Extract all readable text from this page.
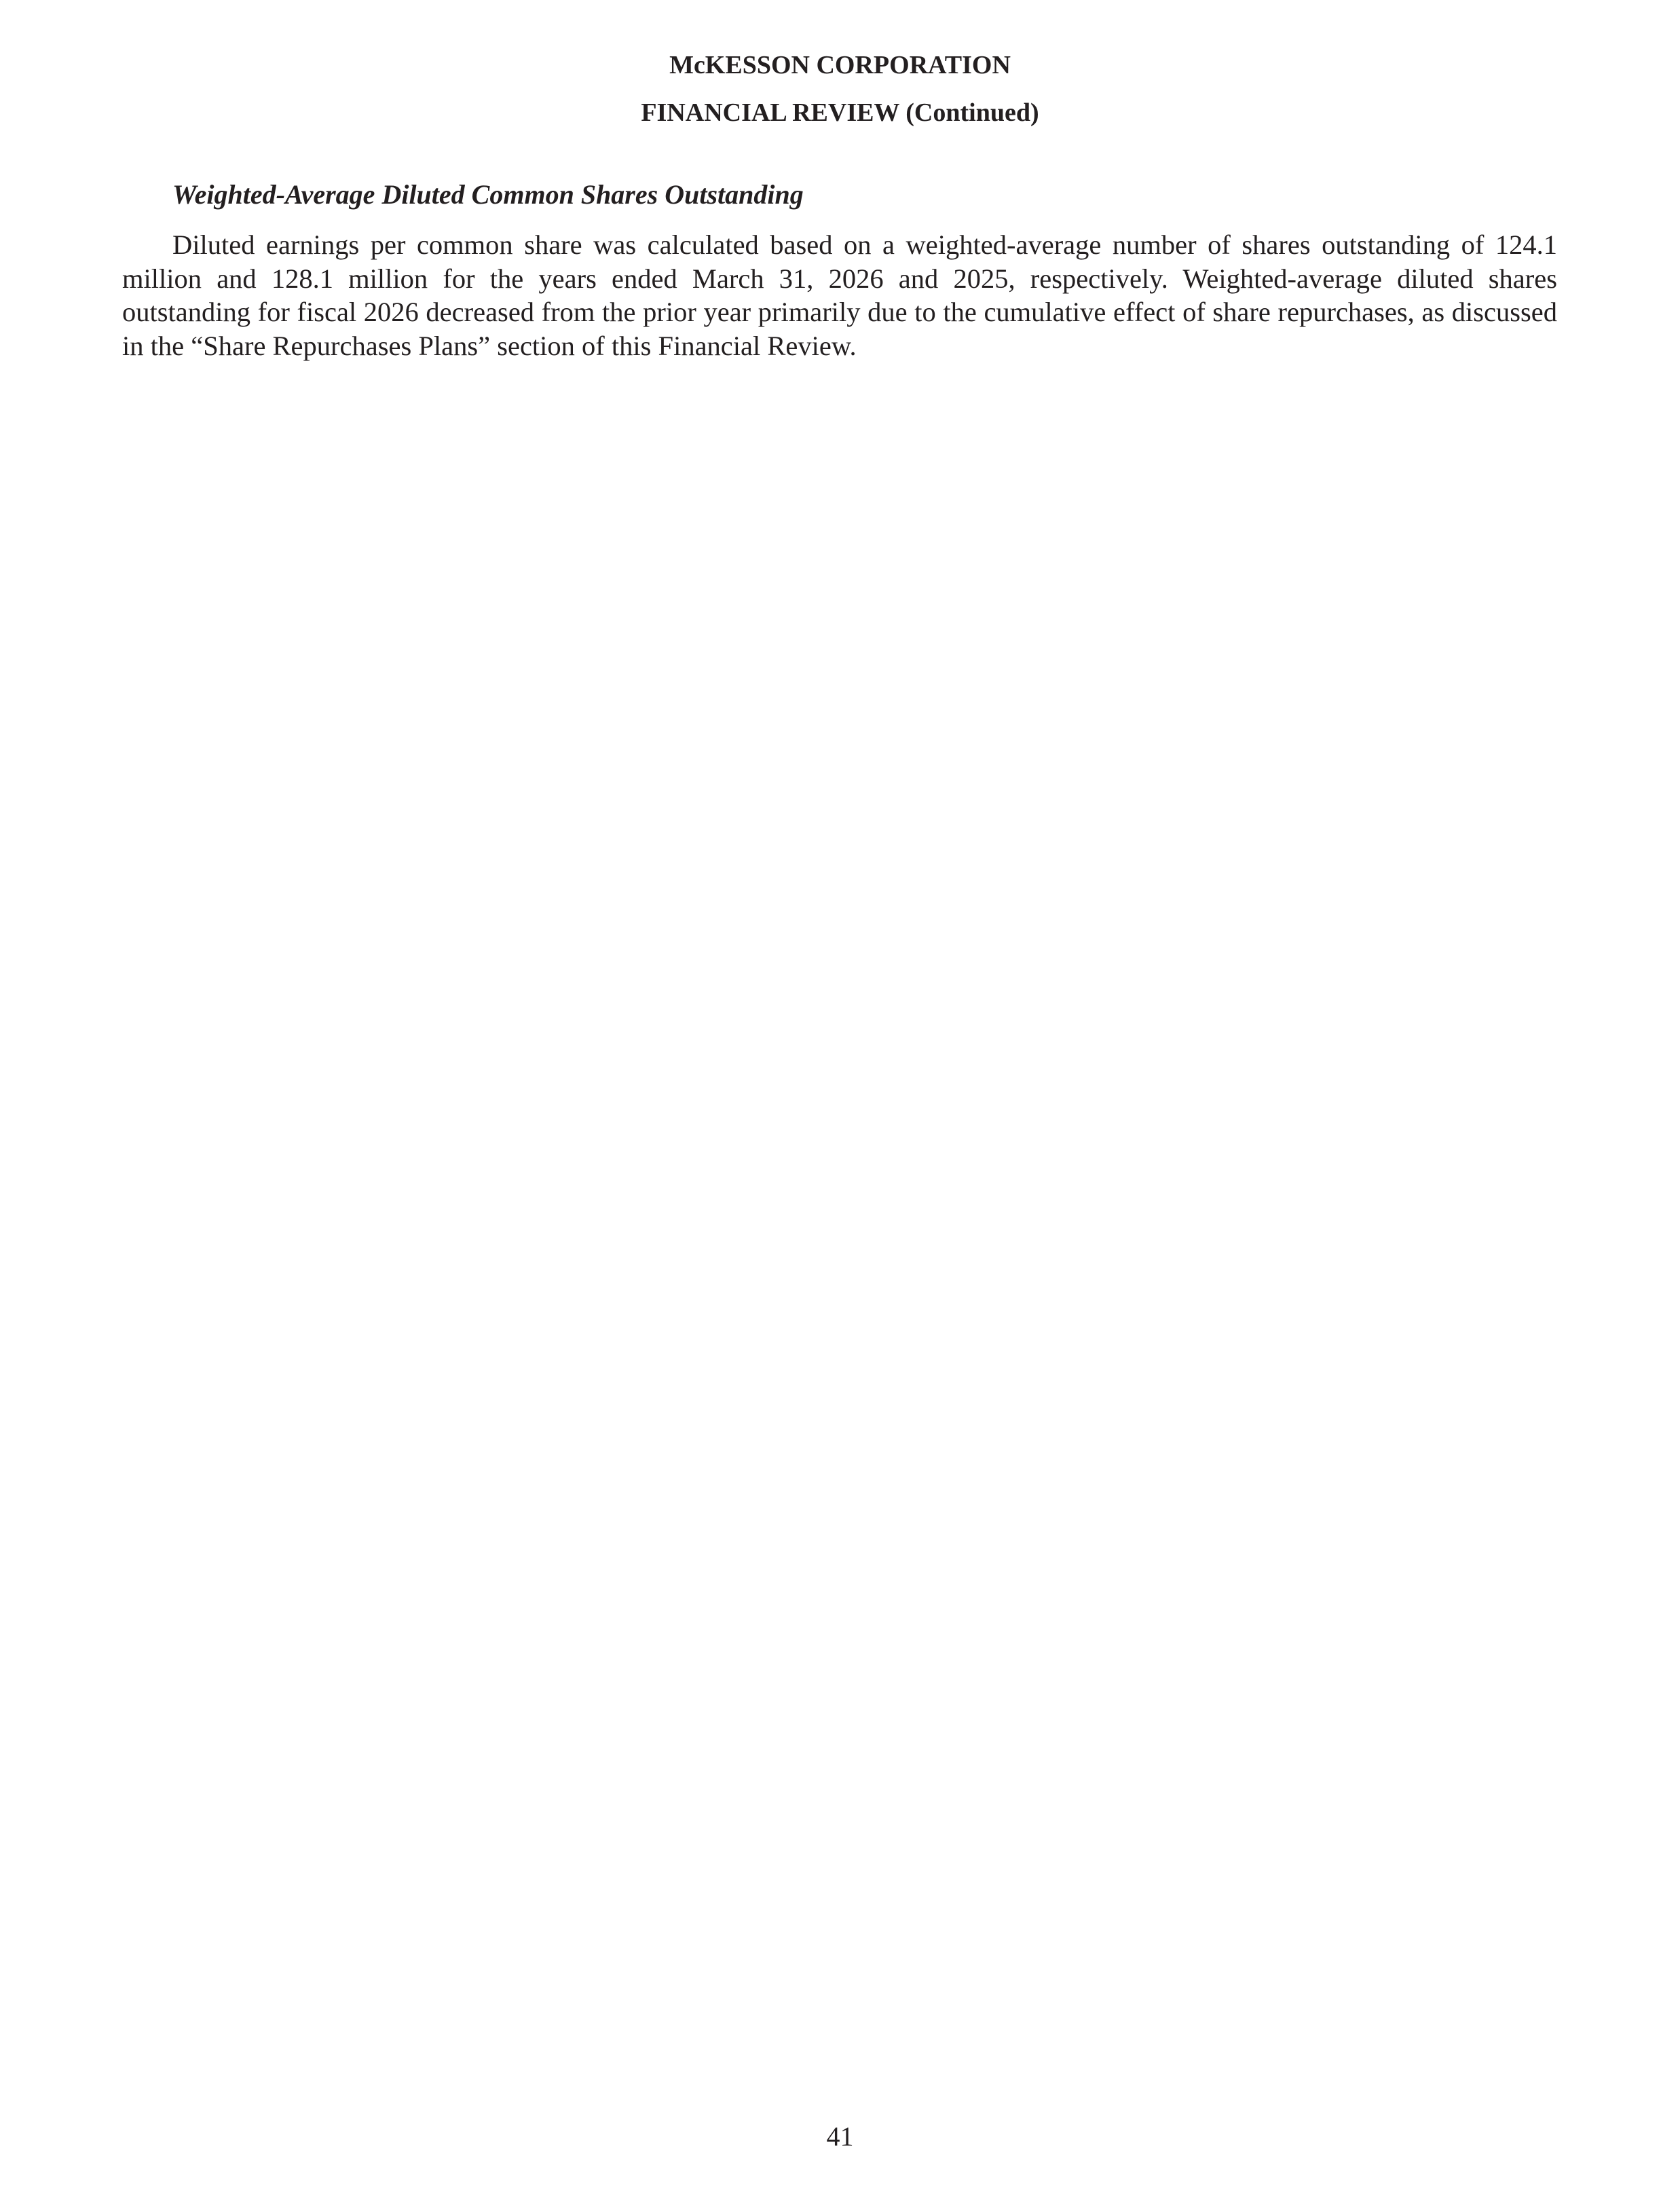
McKESSON CORPORATION
FINANCIAL REVIEW (Continued)
Weighted-Average Diluted Common Shares Outstanding

Diluted earnings per common share was calculated based on a weighted-average number of shares outstanding of 124.1 million and 128.1 million for the years ended March 31, 2026 and 2025, respectively. Weighted-average diluted shares outstanding for fiscal 2026 decreased from the prior year primarily due to the cumulative effect of share repurchases, as discussed in the “Share Repurchases Plans” section of this Financial Review.

41
